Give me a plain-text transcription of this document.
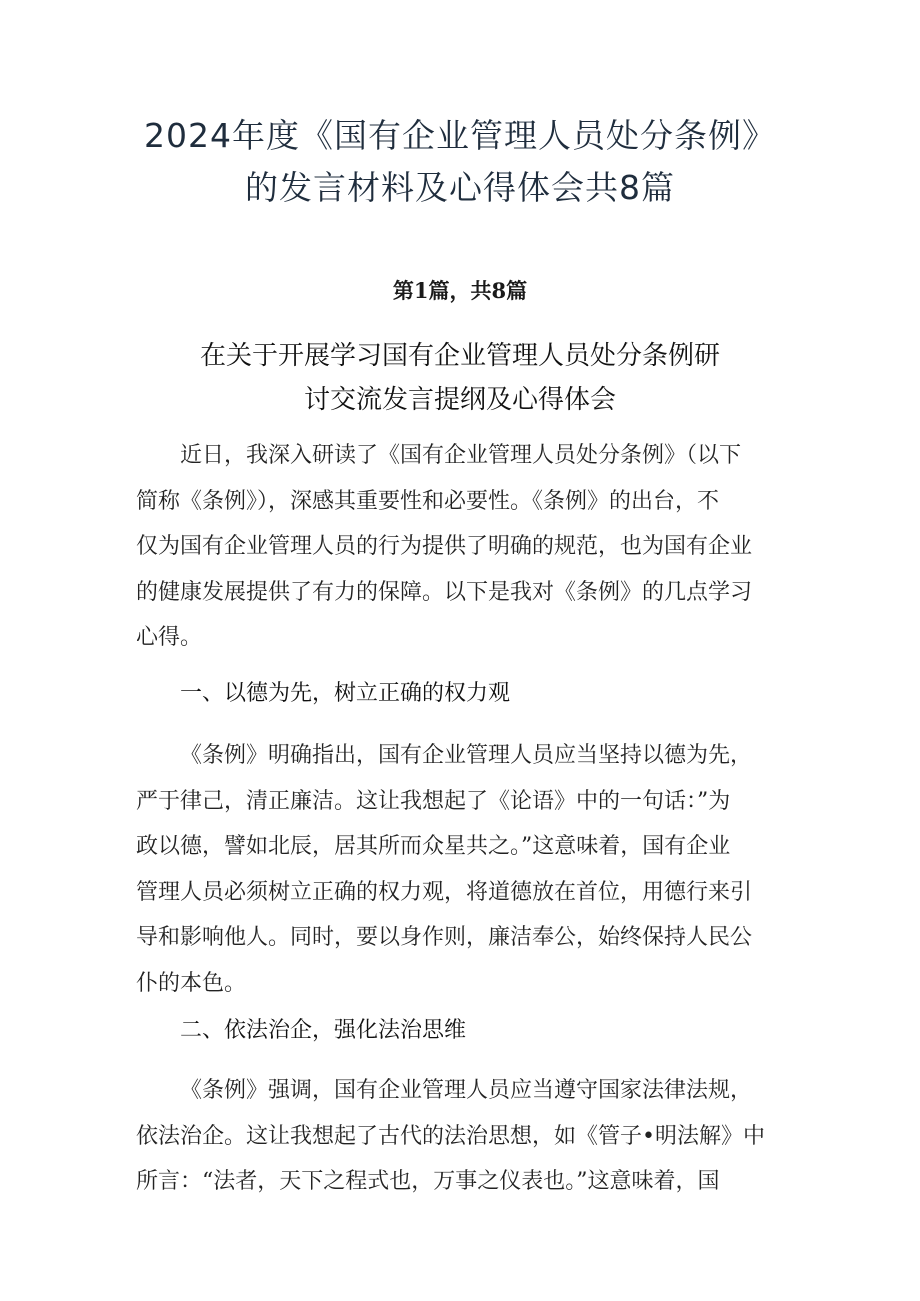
2024年度《国有企业管理人员处分条例》
的发言材料及心得体会共8篇
第1篇，共8篇
在关于开展学习国有企业管理人员处分条例研
讨交流发言提纲及心得体会
近日，我深入研读了《国有企业管理人员处分条例》（以下
简称《条例》），深感其重要性和必要性。《条例》的出台，不
仅为国有企业管理人员的行为提供了明确的规范，也为国有企业
的健康发展提供了有力的保障。以下是我对《条例》的几点学习
心得。
一、以德为先，树立正确的权力观
《条例》明确指出，国有企业管理人员应当坚持以德为先，
严于律己，清正廉洁。这让我想起了《论语》中的一句话：”为
政以德，譬如北辰，居其所而众星共之。”这意味着，国有企业
管理人员必须树立正确的权力观，将道德放在首位，用德行来引
导和影响他人。同时，要以身作则，廉洁奉公，始终保持人民公
仆的本色。
二、依法治企，强化法治思维
《条例》强调，国有企业管理人员应当遵守国家法律法规，
依法治企。这让我想起了古代的法治思想，如《管子•明法解》中
所言：“法者，天下之程式也，万事之仪表也。”这意味着，国
